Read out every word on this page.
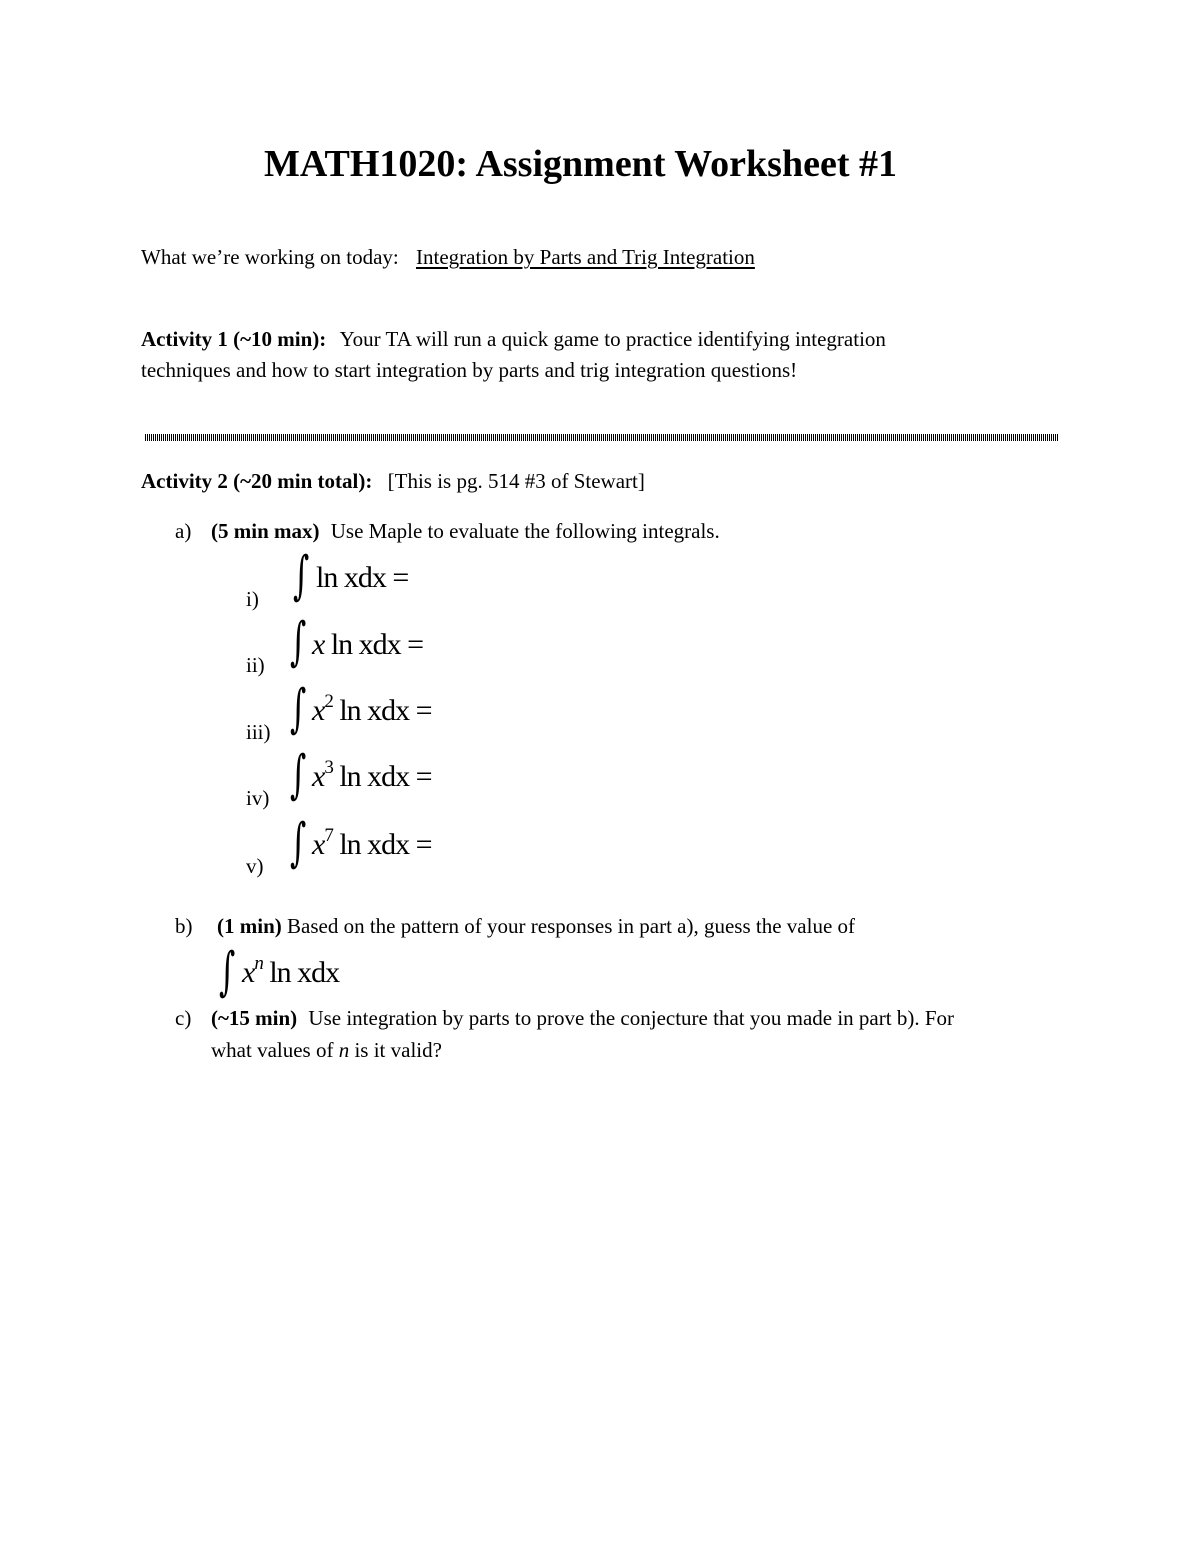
MATH1020: Assignment Worksheet #1
What we’re working on today: Integration by Parts and Trig Integration
Activity 1 (~10 min): Your TA will run a quick game to practice identifying integration
techniques and how to start integration by parts and trig integration questions!
Activity 2 (~20 min total): [This is pg. 514 #3 of Stewart]
a) (5 min max) Use Maple to evaluate the following integrals.
i) ∫ ln xdx =
ii) ∫ x ln xdx =
iii) ∫ $x^2$ ln xdx =
iv) ∫ $x^3$ ln xdx =
v) ∫ $x^7$ ln xdx =
b) (1 min) Based on the pattern of your responses in part a), guess the value of
∫ $x^n$ ln xdx
c) (~15 min) Use integration by parts to prove the conjecture that you made in part b). For
what values of n is it valid?
